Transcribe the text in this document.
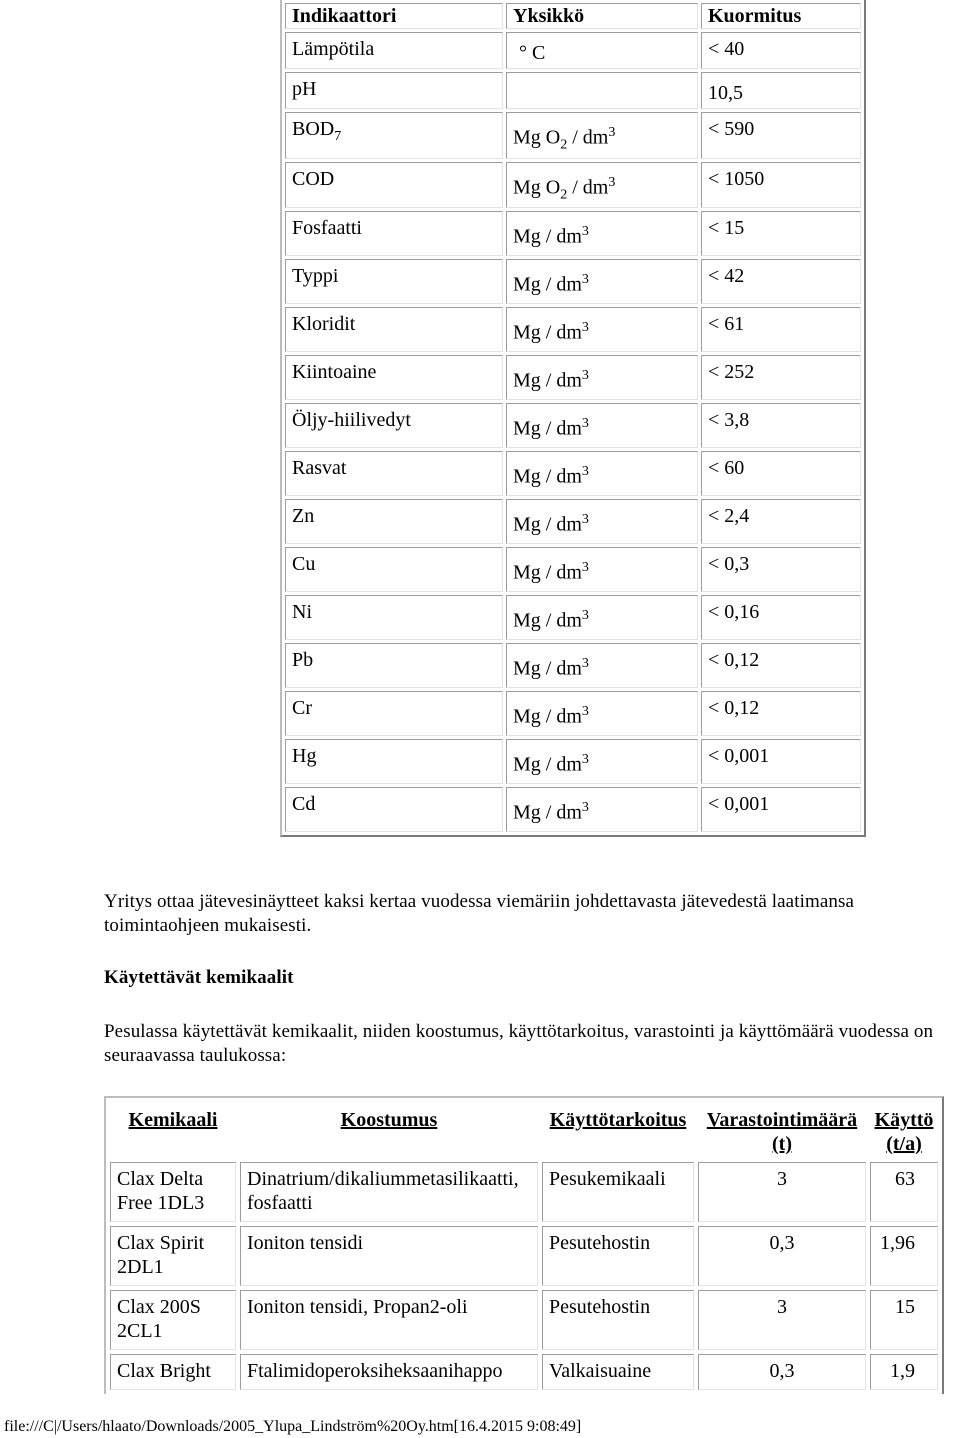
Indikaattori	Yksikkö	Kuormitus
Lämpötila	° C	< 40
pH		10,5
$BOD_7$	Mg $O_2 / dm^3$	< 590
COD	Mg $O_2 / dm^3$	< 1050
Fosfaatti	Mg / $dm^3$	< 15
Typpi	Mg / $dm^3$	< 42
Kloridit	Mg / $dm^3$	< 61
Kiintoaine	Mg / $dm^3$	< 252
Öljy-hiilivedyt	Mg / $dm^3$	< 3,8
Rasvat	Mg / $dm^3$	< 60
Zn	Mg / $dm^3$	< 2,4
Cu	Mg / $dm^3$	< 0,3
Ni	Mg / $dm^3$	< 0,16
Pb	Mg / $dm^3$	< 0,12
Cr	Mg / $dm^3$	< 0,12
Hg	Mg / $dm^3$	< 0,001
Cd	Mg / $dm^3$	< 0,001
Yritys ottaa jätevesinäytteet kaksi kertaa vuodessa viemäriin johdettavasta jätevedestä laatimansa toimintaohjeen mukaisesti.
Käytettävät kemikaalit
Pesulassa käytettävät kemikaalit, niiden koostumus, käyttötarkoitus, varastointi ja käyttömäärä vuodessa on seuraavassa taulukossa:
Kemikaali	Koostumus	Käyttötarkoitus	Varastointimäärä (t)	Käyttö (t/a)
Clax Delta Free 1DL3	Dinatrium/dikaliummetasilikaatti, fosfaatti	Pesukemikaali	3	63
Clax Spirit 2DL1	Ioniton tensidi	Pesutehostin	0,3	1,96
Clax 200S 2CL1	Ioniton tensidi, Propan2-oli	Pesutehostin	3	15
Clax Bright	Ftalimidoperoksiheksaanihappo	Valkaisuaine	0,3	1,9
file:///C|/Users/hlaato/Downloads/2005_Ylupa_Lindström%20Oy.htm[16.4.2015 9:08:49]
